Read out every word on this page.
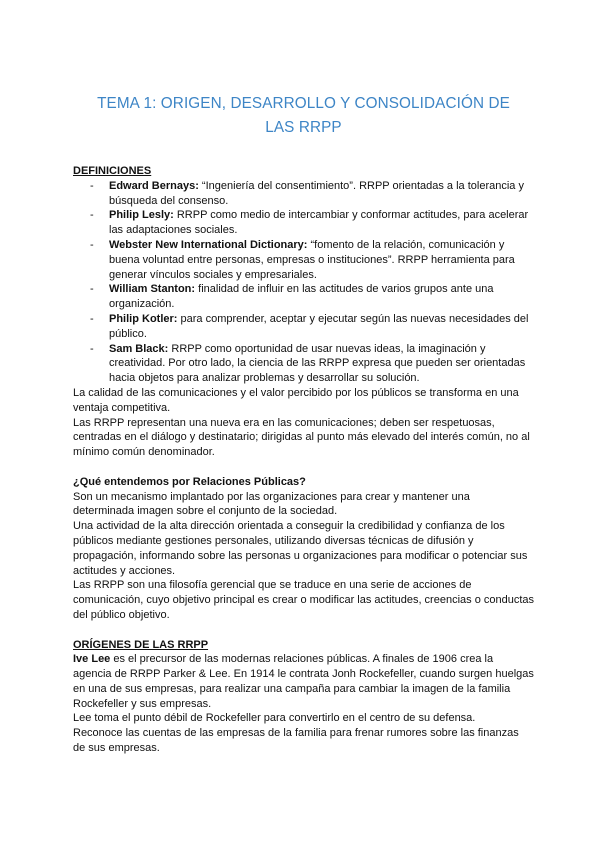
TEMA 1: ORIGEN, DESARROLLO Y CONSOLIDACIÓN DE
LAS RRPP

DEFINICIONES

- Edward Bernays: “Ingeniería del consentimiento”. RRPP orientadas a la tolerancia y búsqueda del consenso.
- Philip Lesly: RRPP como medio de intercambiar y conformar actitudes, para acelerar las adaptaciones sociales.
- Webster New International Dictionary: “fomento de la relación, comunicación y buena voluntad entre personas, empresas o instituciones”. RRPP herramienta para generar vínculos sociales y empresariales.
- William Stanton: finalidad de influir en las actitudes de varios grupos ante una organización.
- Philip Kotler: para comprender, aceptar y ejecutar según las nuevas necesidades del público.
- Sam Black: RRPP como oportunidad de usar nuevas ideas, la imaginación y creatividad. Por otro lado, la ciencia de las RRPP expresa que pueden ser orientadas hacia objetos para analizar problemas y desarrollar su solución.

La calidad de las comunicaciones y el valor percibido por los públicos se transforma en una ventaja competitiva.

Las RRPP representan una nueva era en las comunicaciones; deben ser respetuosas, centradas en el diálogo y destinatario; dirigidas al punto más elevado del interés común, no al mínimo común denominador.

¿Qué entendemos por Relaciones Públicas?

Son un mecanismo implantado por las organizaciones para crear y mantener una determinada imagen sobre el conjunto de la sociedad.

Una actividad de la alta dirección orientada a conseguir la credibilidad y confianza de los públicos mediante gestiones personales, utilizando diversas técnicas de difusión y propagación, informando sobre las personas u organizaciones para modificar o potenciar sus actitudes y acciones.

Las RRPP son una filosofía gerencial que se traduce en una serie de acciones de comunicación, cuyo objetivo principal es crear o modificar las actitudes, creencias o conductas del público objetivo.

ORÍGENES DE LAS RRPP

Ive Lee es el precursor de las modernas relaciones públicas. A finales de 1906 crea la agencia de RRPP Parker & Lee. En 1914 le contrata Jonh Rockefeller, cuando surgen huelgas en una de sus empresas, para realizar una campaña para cambiar la imagen de la familia Rockefeller y sus empresas.

Lee toma el punto débil de Rockefeller para convertirlo en el centro de su defensa.

Reconoce las cuentas de las empresas de la familia para frenar rumores sobre las finanzas de sus empresas.
